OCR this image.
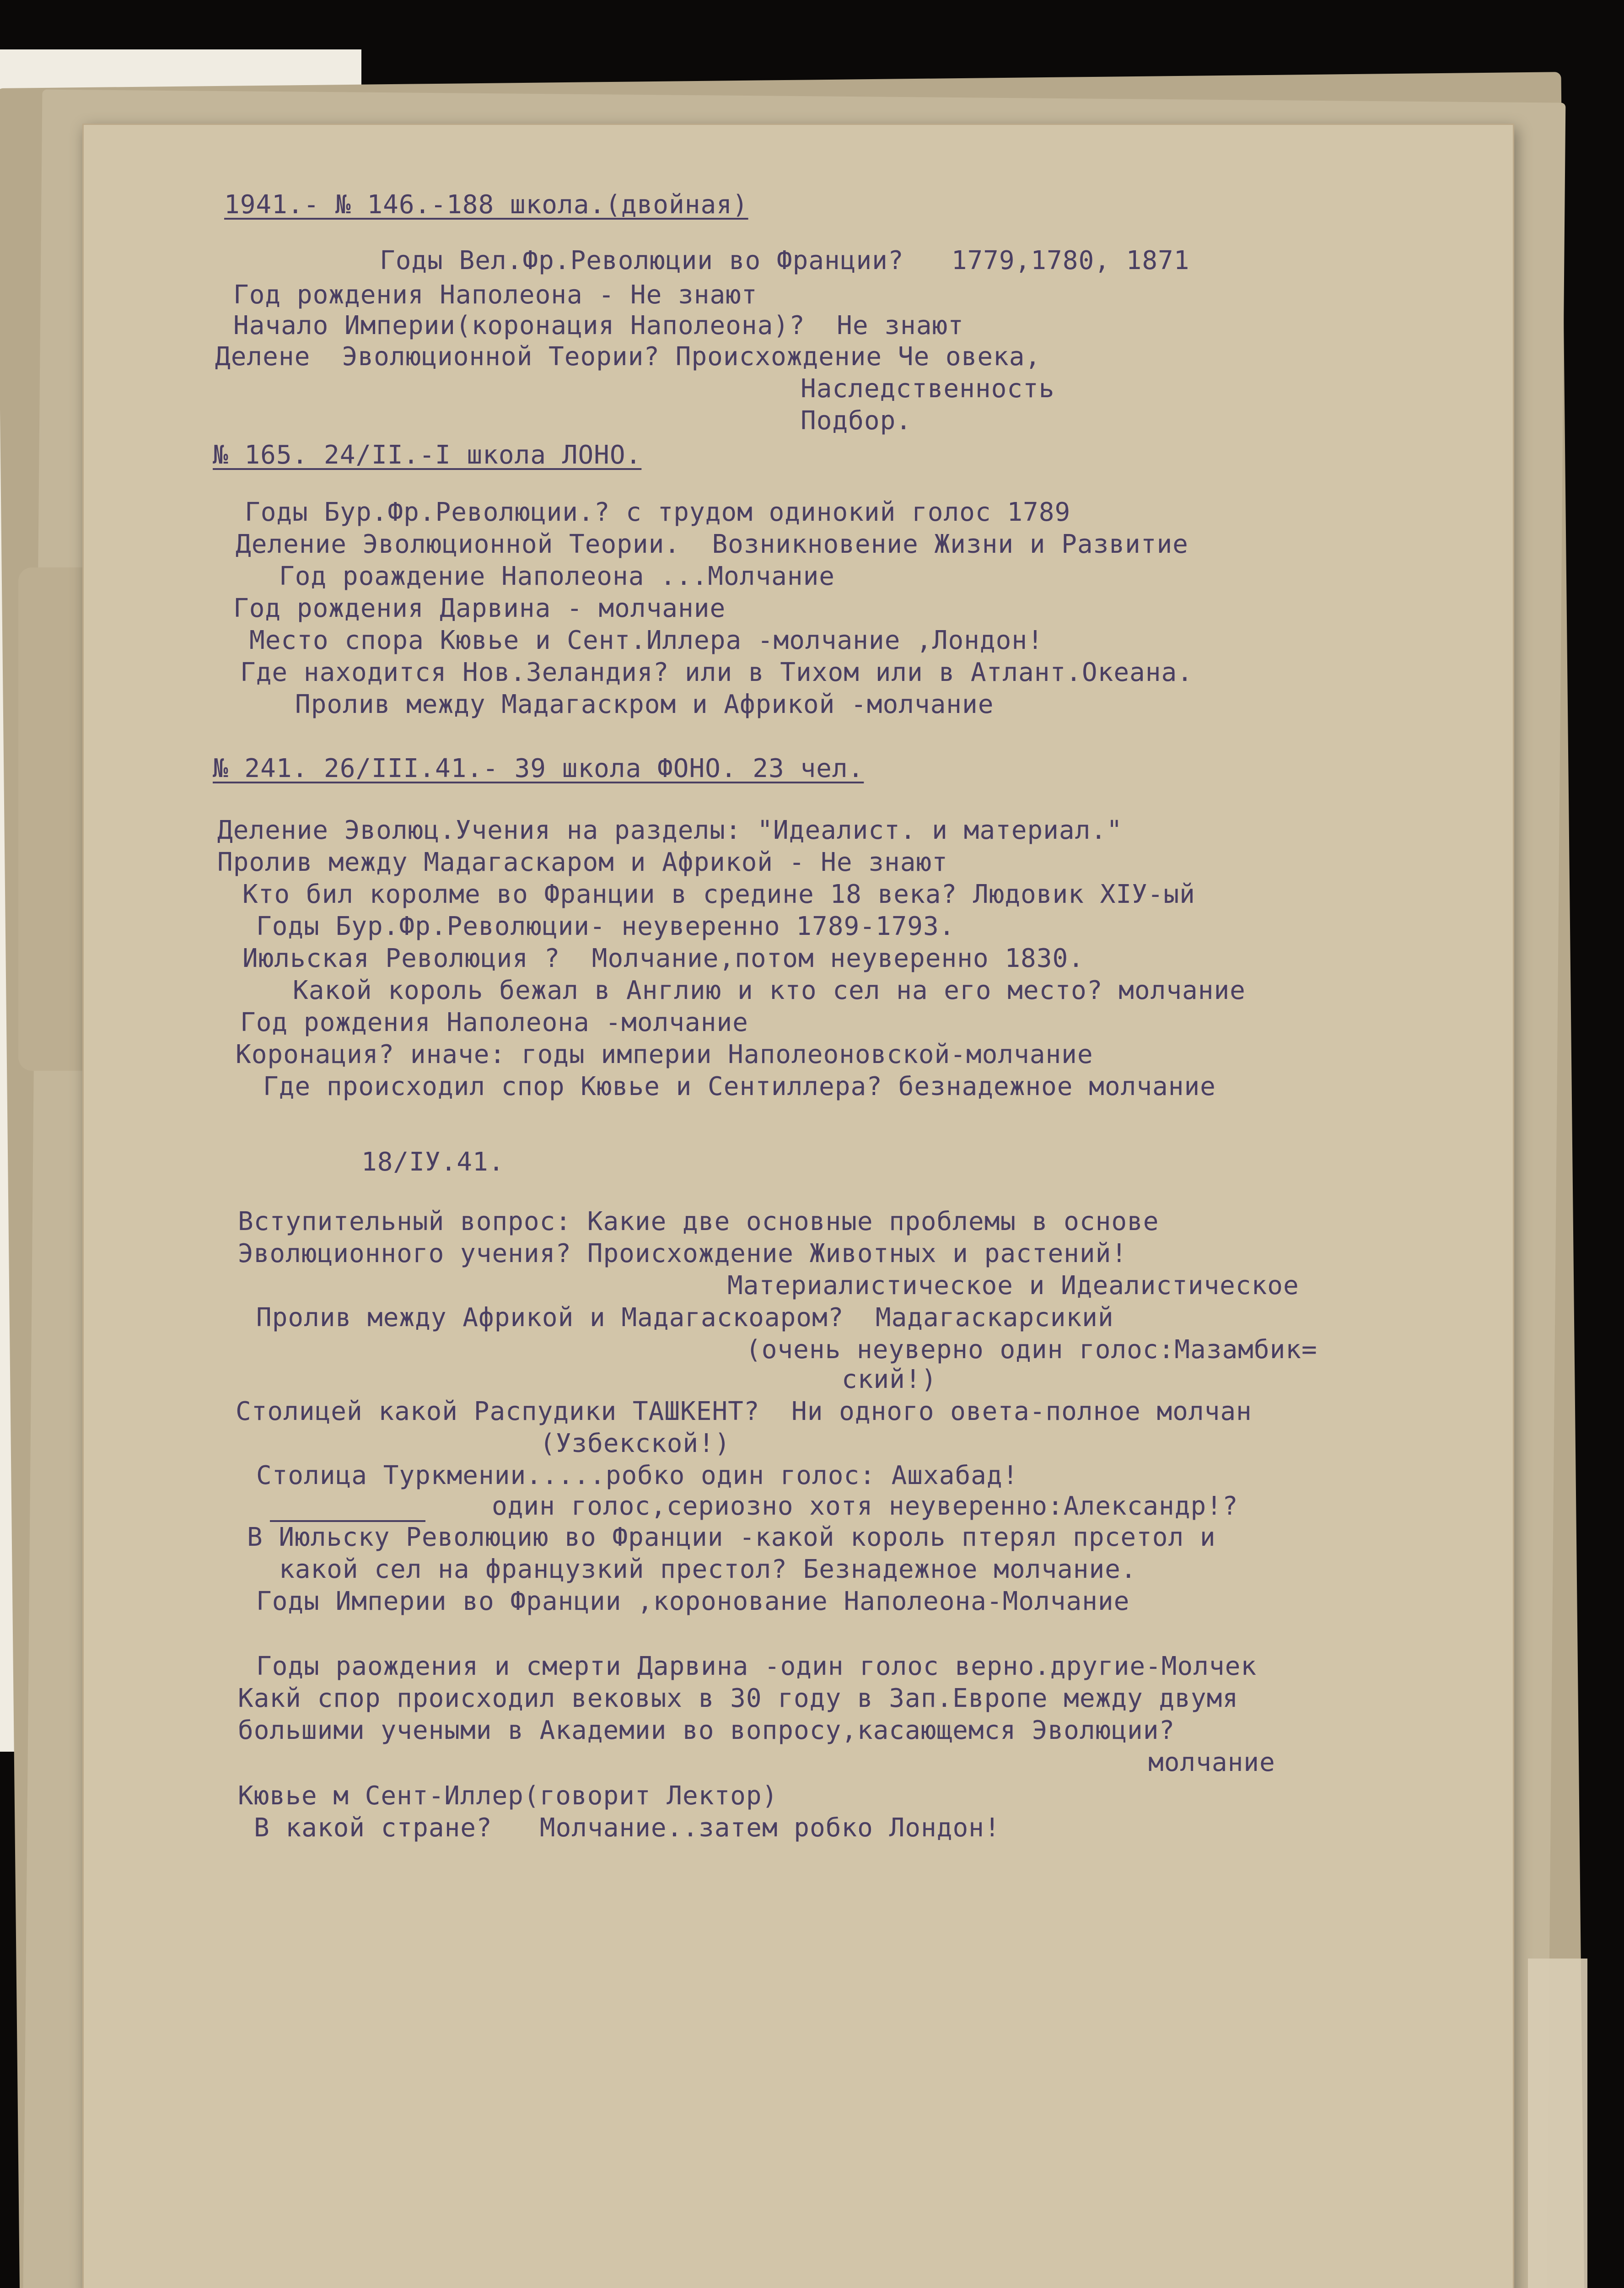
1941.- № 146.-188 школа.(двойная)
Годы Вел.Фр.Революции во Франции?   1779,1780, 1871
Год рождения Наполеона - Не знают
Начало Империи(коронация Наполеона)?  Не знают
Делене  Эволюционной Теории? Происхождение Че овека,
Наследственность
Подбор.
№ 165. 24/II.-I школа ЛОНО.
Годы Бур.Фр.Революции.? с трудом одинокий голос 1789
Деление Эволюционной Теории.  Возникновение Жизни и Развитие
Год роаждение Наполеона ...Молчание
Год рождения Дарвина - молчание
Место спора Кювье и Сент.Иллера -молчание ,Лондон!
Где находится Нов.Зеландия? или в Тихом или в Атлант.Океана.
Пролив между Мадагаскром и Африкой -молчание
№ 241. 26/III.41.- 39 школа ФОНО. 23 чел.
Деление Эволюц.Учения на разделы: "Идеалист. и материал."
Пролив между Мадагаскаром и Африкой - Не знают
Кто бил королме во Франции в средине 18 века? Людовик XIУ-ый
Годы Бур.Фр.Революции- неуверенно 1789-1793.
Июльская Революция ?  Молчание,потом неуверенно 1830.
Какой король бежал в Англию и кто сел на его место? молчание
Год рождения Наполеона -молчание
Коронация? иначе: годы империи Наполеоновской-молчание
Где происходил спор Кювье и Сентиллера? безнадежное молчание
18/IУ.41.
Вступительный вопрос: Какие две основные проблемы в основе
Эволюционного учения? Происхождение Животных и растений!
Материалистическое и Идеалистическое
Пролив между Африкой и Мадагаскоаром?  Мадагаскарсикий
(очень неуверно один голос:Мазамбик=
ский!)
Столицей какой Распудики ТАШКЕНТ?  Ни одного овета-полное молчан
(Узбекской!)
Столица Туркмении.....робко один голос: Ашхабад!
один голос,сериозно хотя неуверенно:Александр!?
В Июльску Революцию во Франции -какой король птерял прсетол и
какой сел на французкий престол? Безнадежное молчание.
Годы Империи во Франции ,короновaние Наполеона-Молчание
Годы раождения и смерти Дарвина -один голос верно.другие-Молчек
Какй спор происходил вековых в 30 году в Зап.Европе между двумя
большими учеными в Академии во вопросу,касающемся Эволюции?
молчание
Кювье м Сент-Иллер(говорит Лектор)
В какой стране?   Молчание..затем робко Лондон!
